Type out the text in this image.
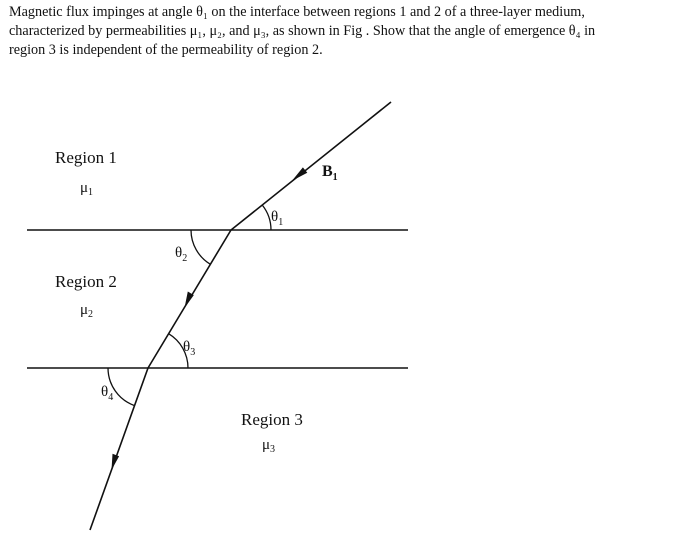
Magnetic flux impinges at angle θ₁ on the interface between regions 1 and 2 of a three-layer medium,
characterized by permeabilities μ₁, μ₂, and μ₃, as shown in Fig . Show that the angle of emergence θ₄ in
region 3 is independent of the permeability of region 2.

Region 1
$\mu_1$
Region 2
$\mu_2$
Region 3
$\mu_3$
$B_1$
$\theta_1$
$\theta_2$
$\theta_3$
$\theta_4$
